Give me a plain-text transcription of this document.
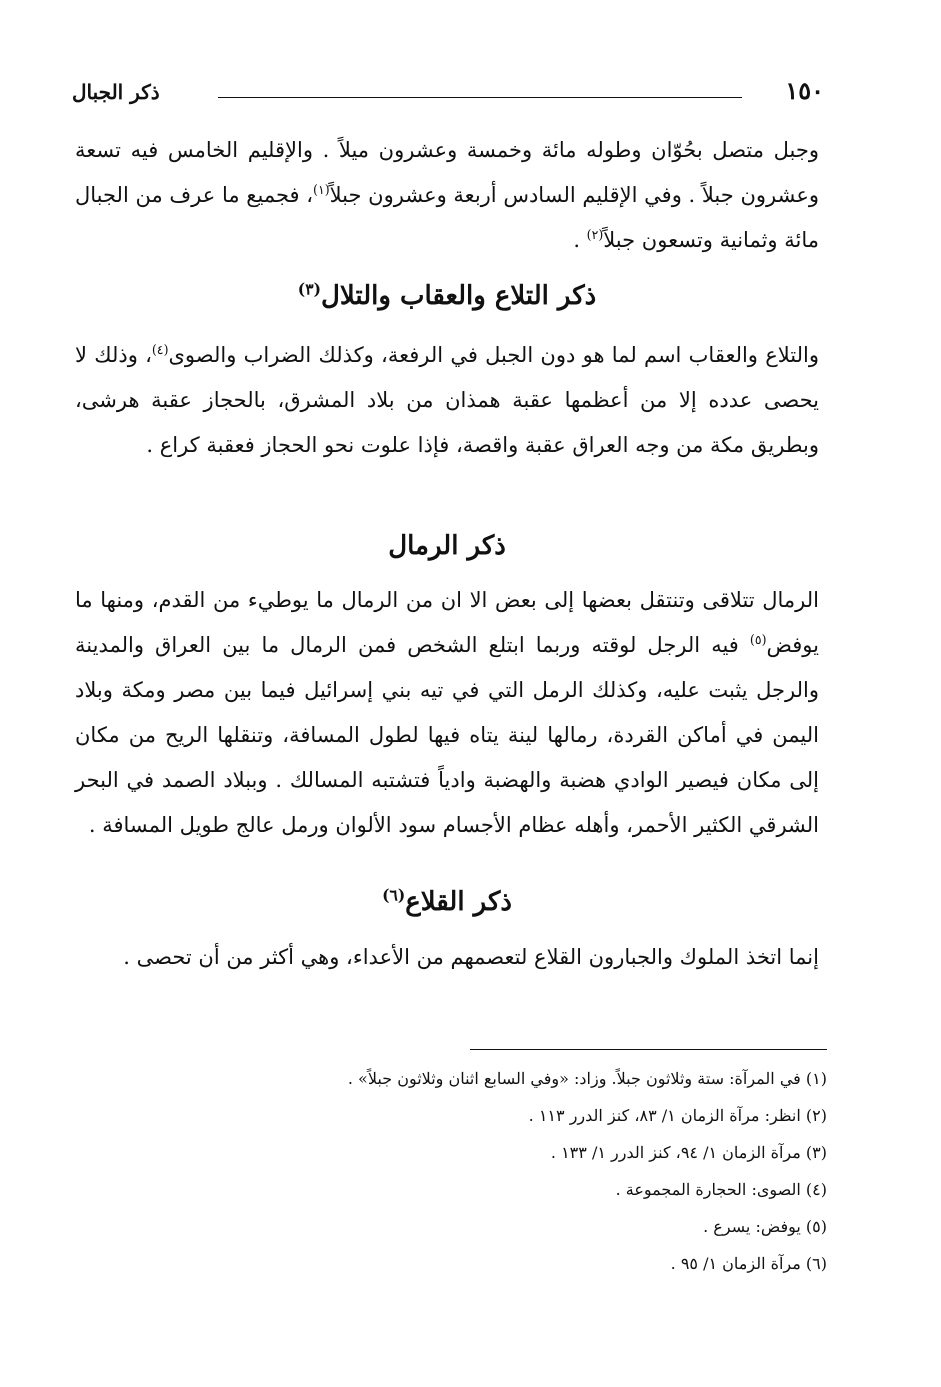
١٥٠
ذكر الجبال

وجبل متصل بحُوّان وطوله مائة وخمسة وعشرون ميلاً . والإقليم الخامس فيه تسعة وعشرون جبلاً . وفي الإقليم السادس أربعة وعشرون جبلاً$^{(١)}$، فجميع ما عرف من الجبال مائة وثمانية وتسعون جبلاً$^{(٢)}$ .

ذكر التلاع والعقاب والتلال$^{(٣)}$

والتلاع والعقاب اسم لما هو دون الجبل في الرفعة، وكذلك الضراب والصوى$^{(٤)}$، وذلك لا يحصى عدده إلا من أعظمها عقبة همذان من بلاد المشرق، بالحجاز عقبة هرشى، وبطريق مكة من وجه العراق عقبة واقصة، فإذا علوت نحو الحجاز فعقبة كراع .

ذكر الرمال

الرمال تتلاقى وتنتقل بعضها إلى بعض الا ان من الرمال ما يوطيء من القدم، ومنها ما يوفض$^{(٥)}$ فيه الرجل لوقته وربما ابتلع الشخص فمن الرمال ما بين العراق والمدينة والرجل يثبت عليه، وكذلك الرمل التي في تيه بني إسرائيل فيما بين مصر ومكة وبلاد اليمن في أماكن القردة، رمالها لينة يتاه فيها لطول المسافة، وتنقلها الريح من مكان إلى مكان فيصير الوادي هضبة والهضبة وادياً فتشتبه المسالك . وببلاد الصمد في البحر الشرقي الكثير الأحمر، وأهله عظام الأجسام سود الألوان ورمل عالج طويل المسافة .

ذكر القلاع$^{(٦)}$

إنما اتخذ الملوك والجبارون القلاع لتعصمهم من الأعداء، وهي أكثر من أن تحصى .

(١) في المرآة: ستة وثلاثون جبلاً. وزاد: «وفي السابع اثنان وثلاثون جبلاً» .
(٢) انظر: مرآة الزمان ١/ ٨٣، كنز الدرر ١١٣ .
(٣) مرآة الزمان ١/ ٩٤، كنز الدرر ١/ ١٣٣ .
(٤) الصوى: الحجارة المجموعة .
(٥) يوفض: يسرع .
(٦) مرآة الزمان ١/ ٩٥ .
